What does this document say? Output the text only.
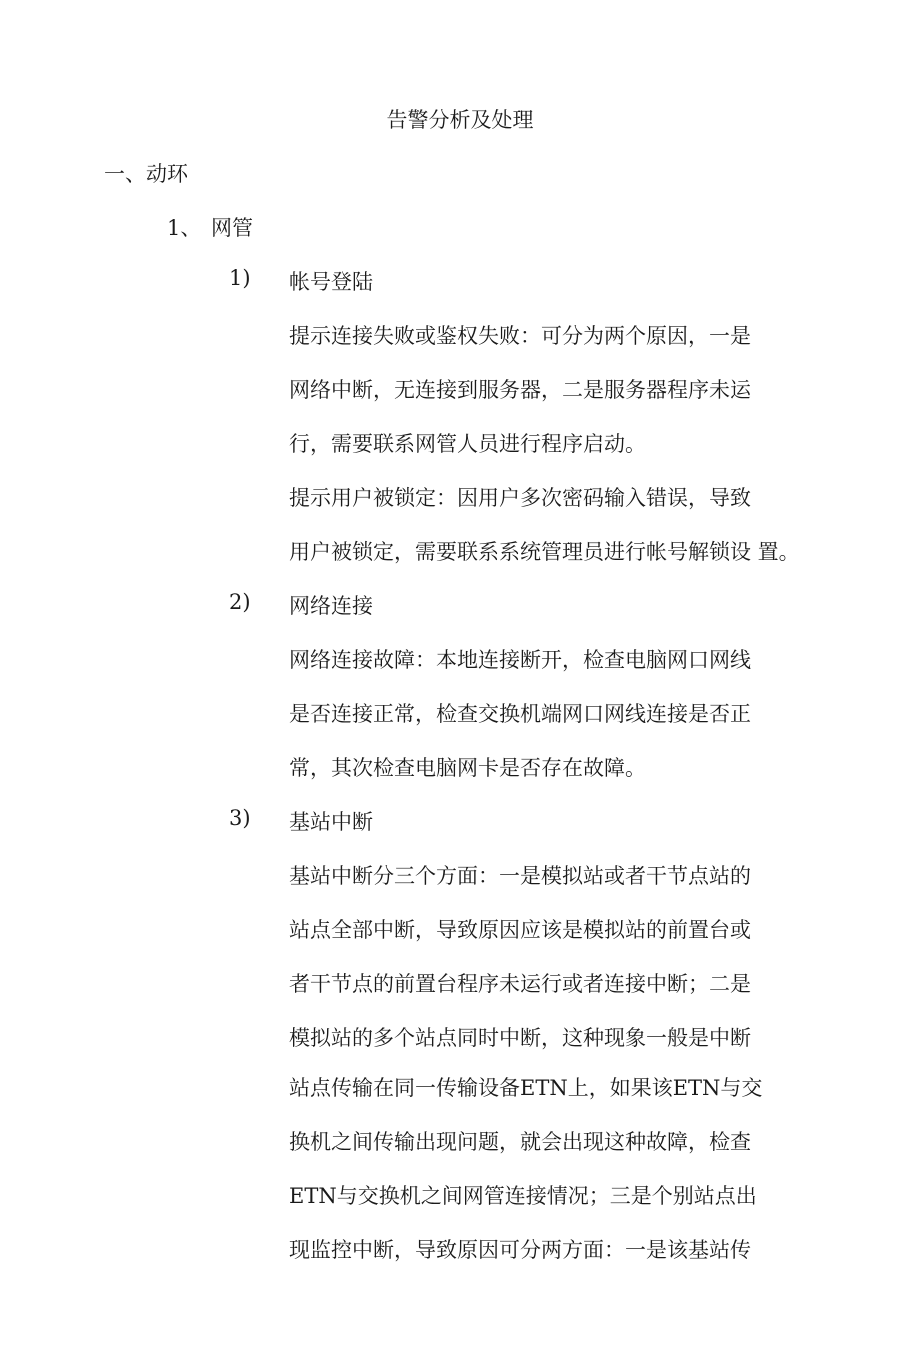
告警分析及处理
一、动环
1、 网管
1) 帐号登陆
提示连接失败或鉴权失败：可分为两个原因，一是
网络中断，无连接到服务器，二是服务器程序未运
行，需要联系网管人员进行程序启动。
提示用户被锁定：因用户多次密码输入错误，导致
用户被锁定，需要联系系统管理员进行帐号解锁设 置。
2) 网络连接
网络连接故障：本地连接断开，检查电脑网口网线
是否连接正常，检查交换机端网口网线连接是否正
常，其次检查电脑网卡是否存在故障。
3) 基站中断
基站中断分三个方面：一是模拟站或者干节点站的
站点全部中断，导致原因应该是模拟站的前置台或
者干节点的前置台程序未运行或者连接中断；二是
模拟站的多个站点同时中断，这种现象一般是中断
站点传输在同一传输设备ETN上，如果该ETN与交
换机之间传输出现问题，就会出现这种故障，检查
ETN与交换机之间网管连接情况；三是个别站点出
现监控中断，导致原因可分两方面：一是该基站传
